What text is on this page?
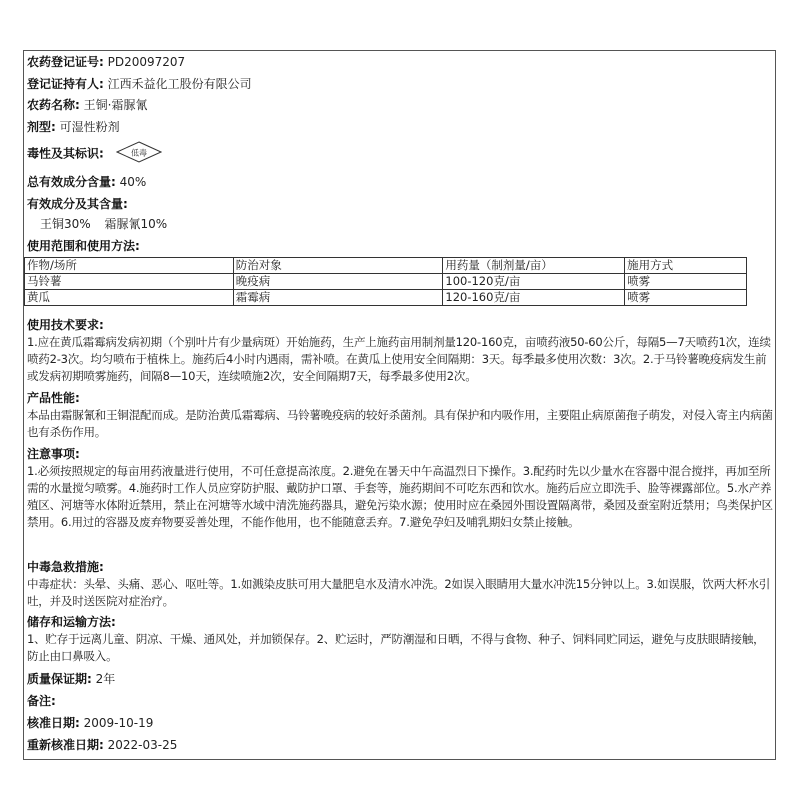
农药登记证号: PD20097207
登记证持有人: 江西禾益化工股份有限公司
农药名称: 王铜·霜脲氰
剂型: 可湿性粉剂
毒性及其标识:	低毒
总有效成分含量: 40%
有效成分及其含量:
王铜30% 霜脲氰10%
使用范围和使用方法:
作物/场所	防治对象	用药量（制剂量/亩）	施用方式
马铃薯	晚疫病	100-120克/亩	喷雾
黄瓜	霜霉病	120-160克/亩	喷雾
使用技术要求:
1.应在黄瓜霜霉病发病初期（个别叶片有少量病斑）开始施药，生产上施药亩用制剂量120-160克，亩喷药液50-60公斤，每隔5—7天喷药1次，连续喷药2-3次。均匀喷布于植株上。施药后4小时内遇雨，需补喷。在黄瓜上使用安全间隔期：3天。每季最多使用次数：3次。2.于马铃薯晚疫病发生前或发病初期喷雾施药，间隔8—10天，连续喷施2次，安全间隔期7天，每季最多使用2次。
产品性能:
本品由霜脲氰和王铜混配而成。是防治黄瓜霜霉病、马铃薯晚疫病的较好杀菌剂。具有保护和内吸作用，主要阻止病原菌孢子萌发，对侵入寄主内病菌也有杀伤作用。
注意事项:
1.必须按照规定的每亩用药液量进行使用，不可任意提高浓度。2.避免在暑天中午高温烈日下操作。3.配药时先以少量水在容器中混合搅拌，再加至所需的水量搅匀喷雾。4.施药时工作人员应穿防护服、戴防护口罩、手套等，施药期间不可吃东西和饮水。施药后应立即洗手、脸等裸露部位。5.水产养殖区、河塘等水体附近禁用，禁止在河塘等水域中清洗施药器具，避免污染水源；使用时应在桑园外围设置隔离带，桑园及蚕室附近禁用；鸟类保护区禁用。6.用过的容器及废弃物要妥善处理，不能作他用，也不能随意丢弃。7.避免孕妇及哺乳期妇女禁止接触。
中毒急救措施:
中毒症状：头晕、头痛、恶心、呕吐等。1.如溅染皮肤可用大量肥皂水及清水冲洗。2如误入眼睛用大量水冲洗15分钟以上。3.如误服，饮两大杯水引吐，并及时送医院对症治疗。
储存和运输方法:
1、贮存于远离儿童、阴凉、干燥、通风处，并加锁保存。2、贮运时，严防潮湿和日晒，不得与食物、种子、饲料同贮同运，避免与皮肤眼睛接触，防止由口鼻吸入。
质量保证期: 2年
备注:
核准日期: 2009-10-19
重新核准日期: 2022-03-25
